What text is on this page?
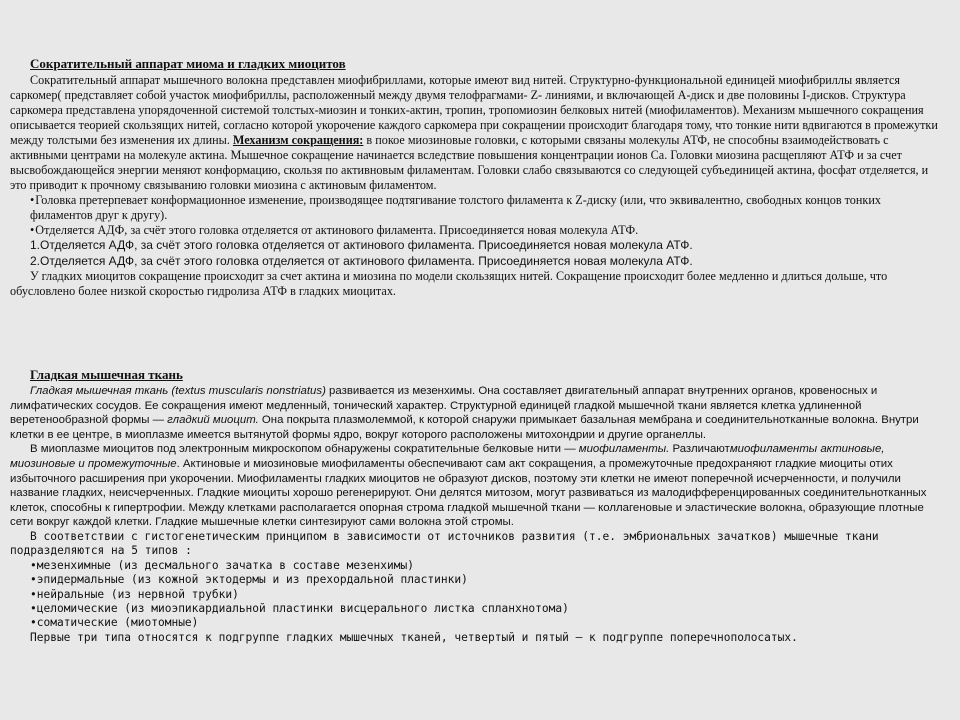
Сократительный аппарат миома и гладких миоцитов

Сократительный аппарат мышечного волокна представлен миофибриллами, которые имеют вид нитей. Структурно-функциональной единицей миофибриллы является саркомер( представляет собой участок миофибриллы, расположенный между двумя телофрагмами- Z- линиями, и включающей А-диск и две половины I-дисков. Структура саркомера представлена упорядоченной системой толстых-миозин и тонких-актин, тропин, тропомиозин белковых нитей (миофиламентов). Механизм мышечного сокращения описывается теорией скользящих нитей, согласно которой укорочение каждого саркомера при сокращении происходит благодаря тому, что тонкие нити вдвигаются в промежутки между толстыми без изменения их длины. Механизм сокращения: в покое миозиновые головки, с которыми связаны молекулы АТФ, не способны взаимодействовать с активными центрами на молекуле актина. Мышечное сокращение начинается вследствие повышения концентрации ионов Са. Головки миозина расщепляют АТФ и за счет высвобождающейся энергии меняют конформацию, скользя по активновым филаментам. Головки слабо связываются со следующей субъединицей актина, фосфат отделяется, и это приводит к прочному связыванию головки миозина с актиновым филаментом.

•Головка претерпевает конформационное изменение, производящее подтягивание толстого филамента к Z-диску (или, что эквивалентно, свободных концов тонких филаментов друг к другу).

•Отделяется АДФ, за счёт этого головка отделяется от актинового филамента. Присоединяется новая молекула АТФ.

1.Отделяется АДФ, за счёт этого головка отделяется от актинового филамента. Присоединяется новая молекула АТФ.

2.Отделяется АДФ, за счёт этого головка отделяется от актинового филамента. Присоединяется новая молекула АТФ.

У гладких миоцитов сокращение происходит за счет актина и миозина по модели скользящих нитей. Сокращение происходит более медленно и длиться дольше, что обусловлено более низкой скоростью гидролиза АТФ в гладких миоцитах.

Гладкая мышечная ткань

Гладкая мышечная ткань (textus muscularis nonstriatus) развивается из мезенхимы. Она составляет двигательный аппарат внутренних органов, кровеносных и лимфатических сосудов. Ее сокращения имеют медленный, тонический характер. Структурной единицей гладкой мышечной ткани является клетка удлиненной веретенообразной формы — гладкий миоцит. Она покрыта плазмолеммой, к которой снаружи примыкает базальная мембрана и соединительнотканные волокна. Внутри клетки в ее центре, в миоплазме имеется вытянутой формы ядро, вокруг которого расположены митохондрии и другие органеллы.

В миоплазме миоцитов под электронным микроскопом обнаружены сократительные белковые нити — миофиламенты. Различаютмиофиламенты актиновые, миозиновые и промежуточные. Актиновые и миозиновые миофиламенты обеспечивают сам акт сокращения, а промежуточные предохраняют гладкие миоциты отих избыточного расширения при укорочении. Миофиламенты гладких миоцитов не образуют дисков, поэтому эти клетки не имеют поперечной исчерченности, и получили название гладких, неисчерченных. Гладкие миоциты хорошо регенерируют. Они делятся митозом, могут развиваться из малодифференцированных соединительнотканных клеток, способны к гипертрофии. Между клетками располагается опорная строма гладкой мышечной ткани — коллагеновые и эластические волокна, образующие плотные сети вокруг каждой клетки. Гладкие мышечные клетки синтезируют сами волокна этой стромы.

В соответствии с гистогенетическим принципом в зависимости от источников развития (т.е. эмбриональных зачатков) мышечные ткани подразделяются на 5 типов :

•мезенхимные (из десмального зачатка в составе мезенхимы)

•эпидермальные (из кожной эктодермы и из прехордальной пластинки)

•нейральные (из нервной трубки)

•целомические (из миоэпикардиальной пластинки висцерального листка спланхнотома)

•соматические (миотомные)

Первые три типа относятся к подгруппе гладких мышечных тканей, четвертый и пятый — к подгруппе поперечнополосатых.
